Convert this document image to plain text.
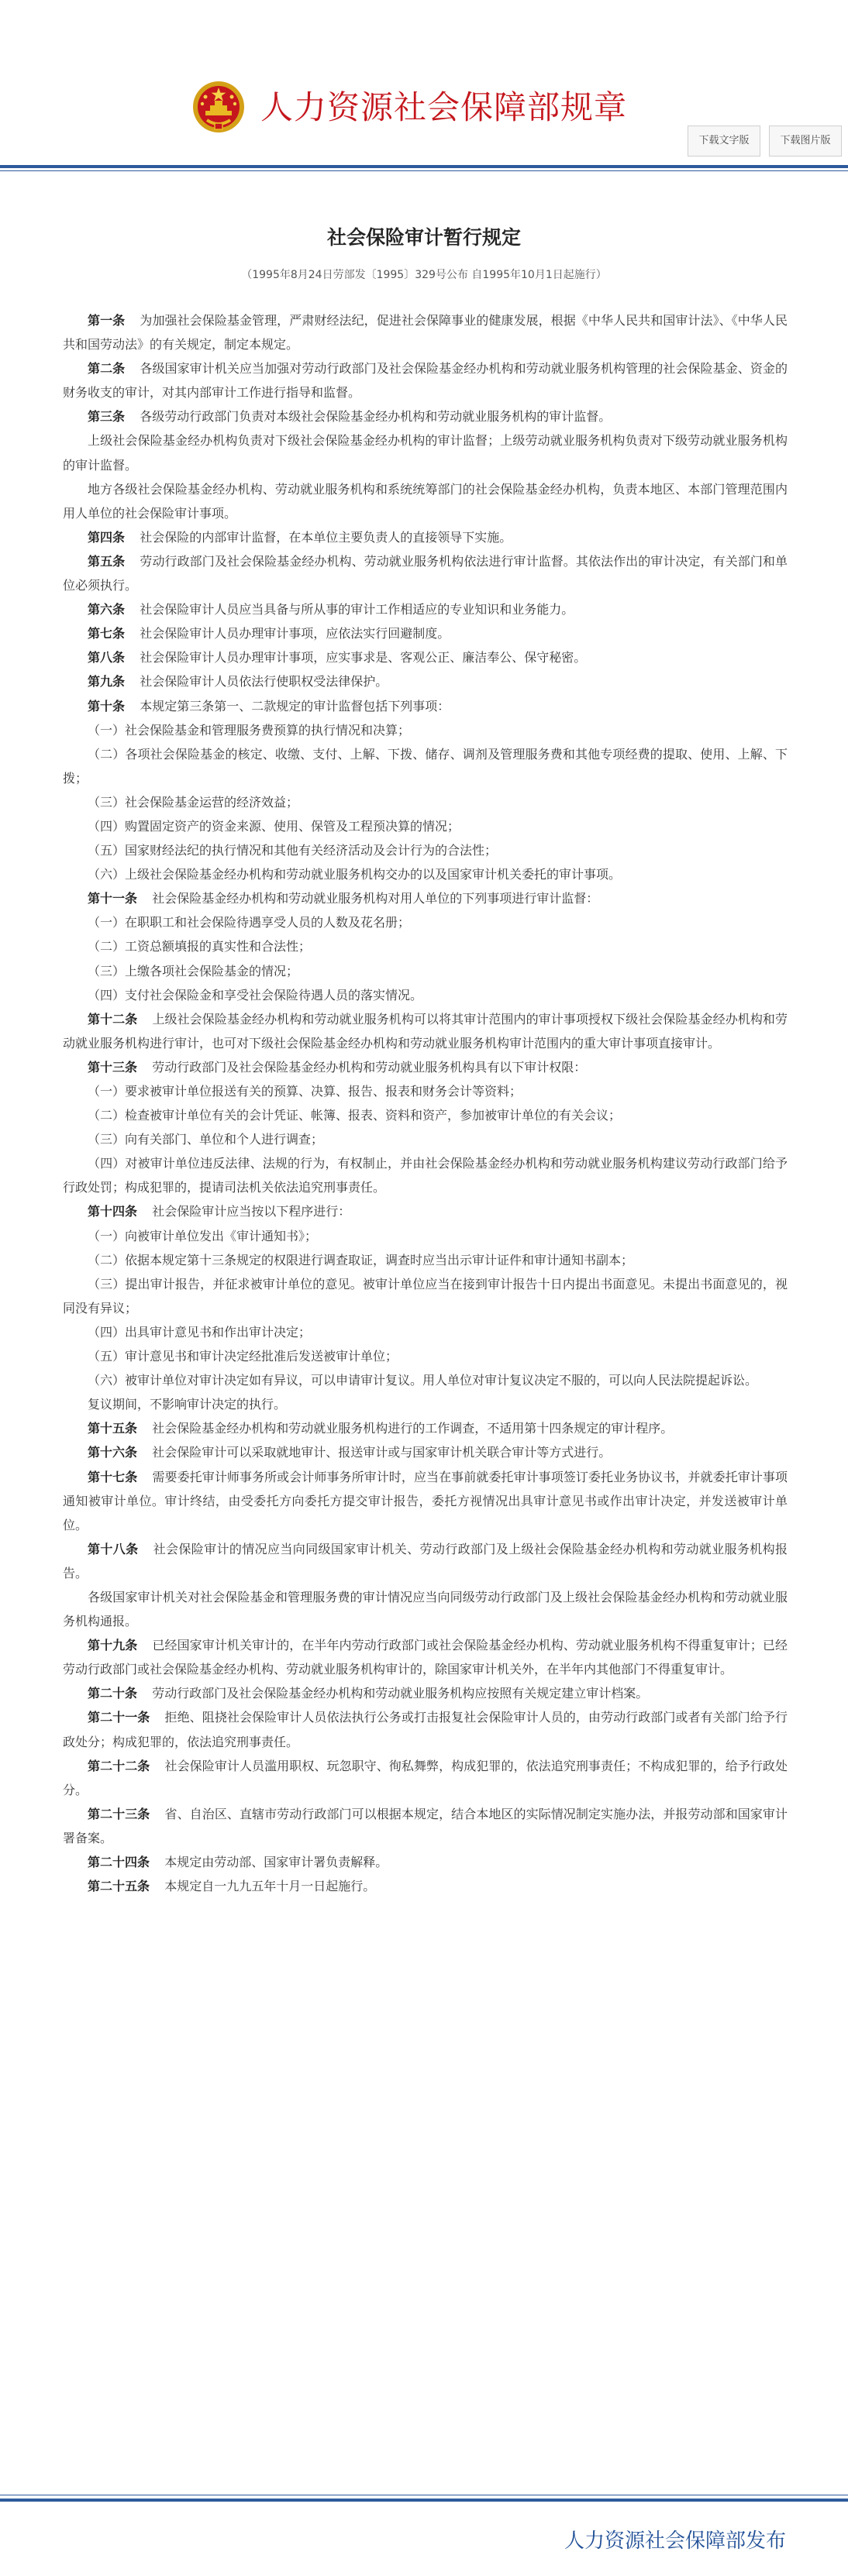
人力资源社会保障部规章
下载文字版	下载图片版
社会保险审计暂行规定
（1995年8月24日劳部发〔1995〕329号公布 自1995年10月1日起施行）

第一条 为加强社会保险基金管理，严肃财经法纪，促进社会保障事业的健康发展，根据《中华人民共和国审计法》、《中华人民共和国劳动法》的有关规定，制定本规定。

第二条 各级国家审计机关应当加强对劳动行政部门及社会保险基金经办机构和劳动就业服务机构管理的社会保险基金、资金的财务收支的审计，对其内部审计工作进行指导和监督。

第三条 各级劳动行政部门负责对本级社会保险基金经办机构和劳动就业服务机构的审计监督。

上级社会保险基金经办机构负责对下级社会保险基金经办机构的审计监督；上级劳动就业服务机构负责对下级劳动就业服务机构的审计监督。

地方各级社会保险基金经办机构、劳动就业服务机构和系统统筹部门的社会保险基金经办机构，负责本地区、本部门管理范围内用人单位的社会保险审计事项。

第四条 社会保险的内部审计监督，在本单位主要负责人的直接领导下实施。

第五条 劳动行政部门及社会保险基金经办机构、劳动就业服务机构依法进行审计监督。其依法作出的审计决定，有关部门和单位必须执行。

第六条 社会保险审计人员应当具备与所从事的审计工作相适应的专业知识和业务能力。

第七条 社会保险审计人员办理审计事项，应依法实行回避制度。

第八条 社会保险审计人员办理审计事项，应实事求是、客观公正、廉洁奉公、保守秘密。

第九条 社会保险审计人员依法行使职权受法律保护。

第十条 本规定第三条第一、二款规定的审计监督包括下列事项：

（一）社会保险基金和管理服务费预算的执行情况和决算；

（二）各项社会保险基金的核定、收缴、支付、上解、下拨、储存、调剂及管理服务费和其他专项经费的提取、使用、上解、下拨；

（三）社会保险基金运营的经济效益；

（四）购置固定资产的资金来源、使用、保管及工程预决算的情况；

（五）国家财经法纪的执行情况和其他有关经济活动及会计行为的合法性；

（六）上级社会保险基金经办机构和劳动就业服务机构交办的以及国家审计机关委托的审计事项。

第十一条 社会保险基金经办机构和劳动就业服务机构对用人单位的下列事项进行审计监督：

（一）在职职工和社会保险待遇享受人员的人数及花名册；

（二）工资总额填报的真实性和合法性；

（三）上缴各项社会保险基金的情况；

（四）支付社会保险金和享受社会保险待遇人员的落实情况。

第十二条 上级社会保险基金经办机构和劳动就业服务机构可以将其审计范围内的审计事项授权下级社会保险基金经办机构和劳动就业服务机构进行审计，也可对下级社会保险基金经办机构和劳动就业服务机构审计范围内的重大审计事项直接审计。

第十三条 劳动行政部门及社会保险基金经办机构和劳动就业服务机构具有以下审计权限：

（一）要求被审计单位报送有关的预算、决算、报告、报表和财务会计等资料；

（二）检查被审计单位有关的会计凭证、帐簿、报表、资料和资产，参加被审计单位的有关会议；

（三）向有关部门、单位和个人进行调查；

（四）对被审计单位违反法律、法规的行为，有权制止，并由社会保险基金经办机构和劳动就业服务机构建议劳动行政部门给予行政处罚；构成犯罪的，提请司法机关依法追究刑事责任。

第十四条 社会保险审计应当按以下程序进行：

（一）向被审计单位发出《审计通知书》；

（二）依据本规定第十三条规定的权限进行调查取证，调查时应当出示审计证件和审计通知书副本；

（三）提出审计报告，并征求被审计单位的意见。被审计单位应当在接到审计报告十日内提出书面意见。未提出书面意见的，视同没有异议；

（四）出具审计意见书和作出审计决定；

（五）审计意见书和审计决定经批准后发送被审计单位；

（六）被审计单位对审计决定如有异议，可以申请审计复议。用人单位对审计复议决定不服的，可以向人民法院提起诉讼。

复议期间，不影响审计决定的执行。

第十五条 社会保险基金经办机构和劳动就业服务机构进行的工作调查，不适用第十四条规定的审计程序。

第十六条 社会保险审计可以采取就地审计、报送审计或与国家审计机关联合审计等方式进行。

第十七条 需要委托审计师事务所或会计师事务所审计时，应当在事前就委托审计事项签订委托业务协议书，并就委托审计事项通知被审计单位。审计终结，由受委托方向委托方提交审计报告，委托方视情况出具审计意见书或作出审计决定，并发送被审计单位。

第十八条 社会保险审计的情况应当向同级国家审计机关、劳动行政部门及上级社会保险基金经办机构和劳动就业服务机构报告。

各级国家审计机关对社会保险基金和管理服务费的审计情况应当向同级劳动行政部门及上级社会保险基金经办机构和劳动就业服务机构通报。

第十九条 已经国家审计机关审计的，在半年内劳动行政部门或社会保险基金经办机构、劳动就业服务机构不得重复审计；已经劳动行政部门或社会保险基金经办机构、劳动就业服务机构审计的，除国家审计机关外，在半年内其他部门不得重复审计。

第二十条 劳动行政部门及社会保险基金经办机构和劳动就业服务机构应按照有关规定建立审计档案。

第二十一条 拒绝、阻挠社会保险审计人员依法执行公务或打击报复社会保险审计人员的，由劳动行政部门或者有关部门给予行政处分；构成犯罪的，依法追究刑事责任。

第二十二条 社会保险审计人员滥用职权、玩忽职守、徇私舞弊，构成犯罪的，依法追究刑事责任；不构成犯罪的，给予行政处分。

第二十三条 省、自治区、直辖市劳动行政部门可以根据本规定，结合本地区的实际情况制定实施办法，并报劳动部和国家审计署备案。

第二十四条 本规定由劳动部、国家审计署负责解释。

第二十五条 本规定自一九九五年十月一日起施行。

人力资源社会保障部发布
